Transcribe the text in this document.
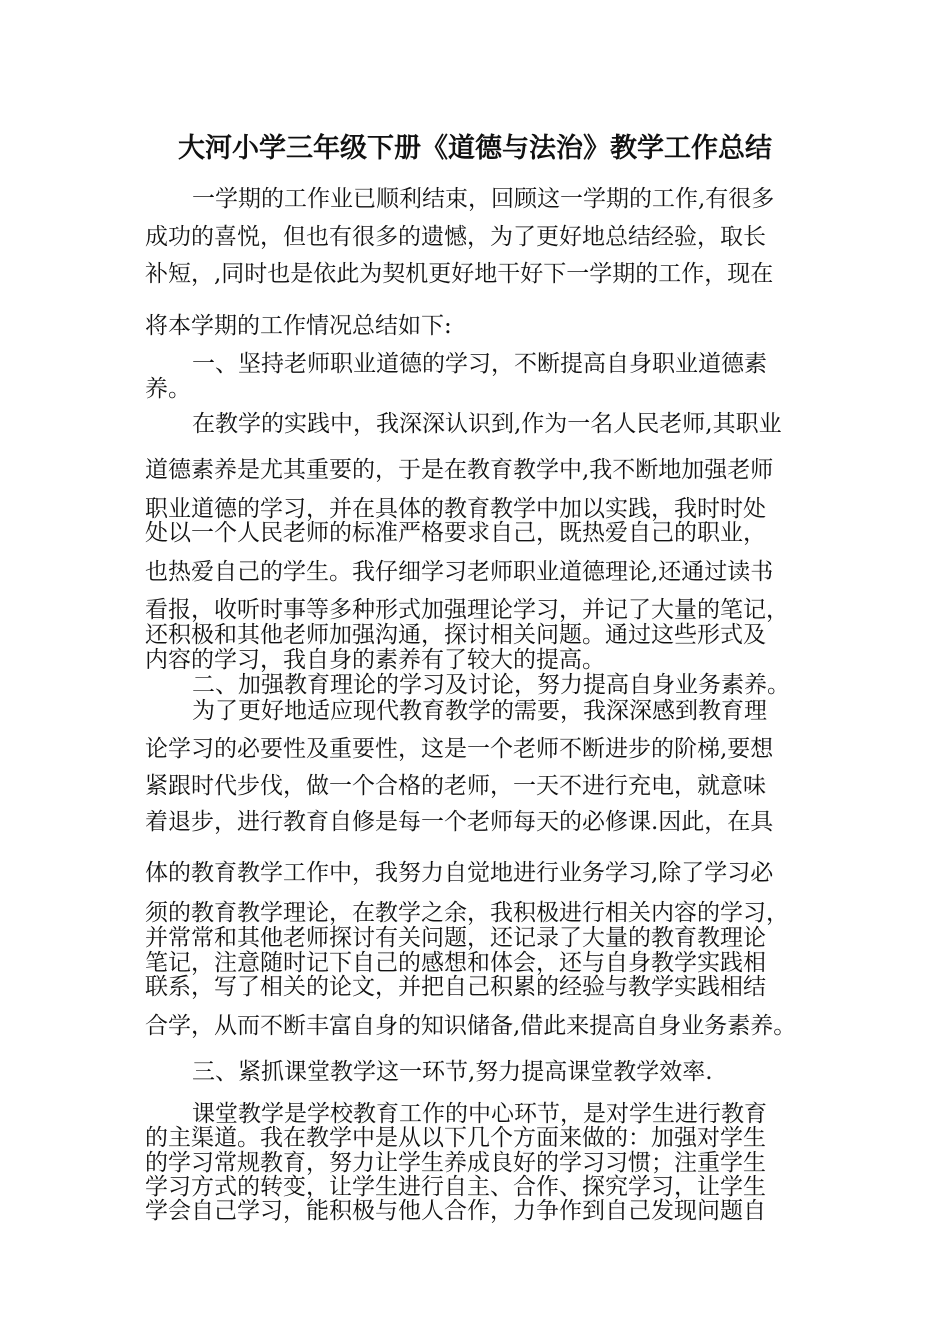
大河小学三年级下册《道德与法治》教学工作总结
一学期的工作业已顺利结束，回顾这一学期的工作,有很多
成功的喜悦，但也有很多的遗憾，为了更好地总结经验，取长
补短，,同时也是依此为契机更好地干好下一学期的工作，现在
将本学期的工作情况总结如下:
一、坚持老师职业道德的学习，不断提高自身职业道德素
养。
在教学的实践中，我深深认识到,作为一名人民老师,其职业
道德素养是尤其重要的，于是在教育教学中,我不断地加强老师
职业道德的学习，并在具体的教育教学中加以实践，我时时处
处以一个人民老师的标准严格要求自己，既热爱自己的职业，
也热爱自己的学生。我仔细学习老师职业道德理论,还通过读书
看报，收听时事等多种形式加强理论学习，并记了大量的笔记，
还积极和其他老师加强沟通，探讨相关问题。通过这些形式及
内容的学习，我自身的素养有了较大的提高。
二、加强教育理论的学习及讨论，努力提高自身业务素养。
为了更好地适应现代教育教学的需要，我深深感到教育理
论学习的必要性及重要性，这是一个老师不断进步的阶梯,要想
紧跟时代步伐，做一个合格的老师，一天不进行充电，就意味
着退步，进行教育自修是每一个老师每天的必修课.因此，在具
体的教育教学工作中，我努力自觉地进行业务学习,除了学习必
须的教育教学理论，在教学之余，我积极进行相关内容的学习，
并常常和其他老师探讨有关问题，还记录了大量的教育教理论
笔记，注意随时记下自己的感想和体会，还与自身教学实践相
联系，写了相关的论文，并把自己积累的经验与教学实践相结
合学，从而不断丰富自身的知识储备,借此来提高自身业务素养。
三、紧抓课堂教学这一环节,努力提高课堂教学效率.
课堂教学是学校教育工作的中心环节，是对学生进行教育
的主渠道。我在教学中是从以下几个方面来做的：加强对学生
的学习常规教育，努力让学生养成良好的学习习惯；注重学生
学习方式的转变，让学生进行自主、合作、探究学习，让学生
学会自己学习，能积极与他人合作，力争作到自己发现问题自
